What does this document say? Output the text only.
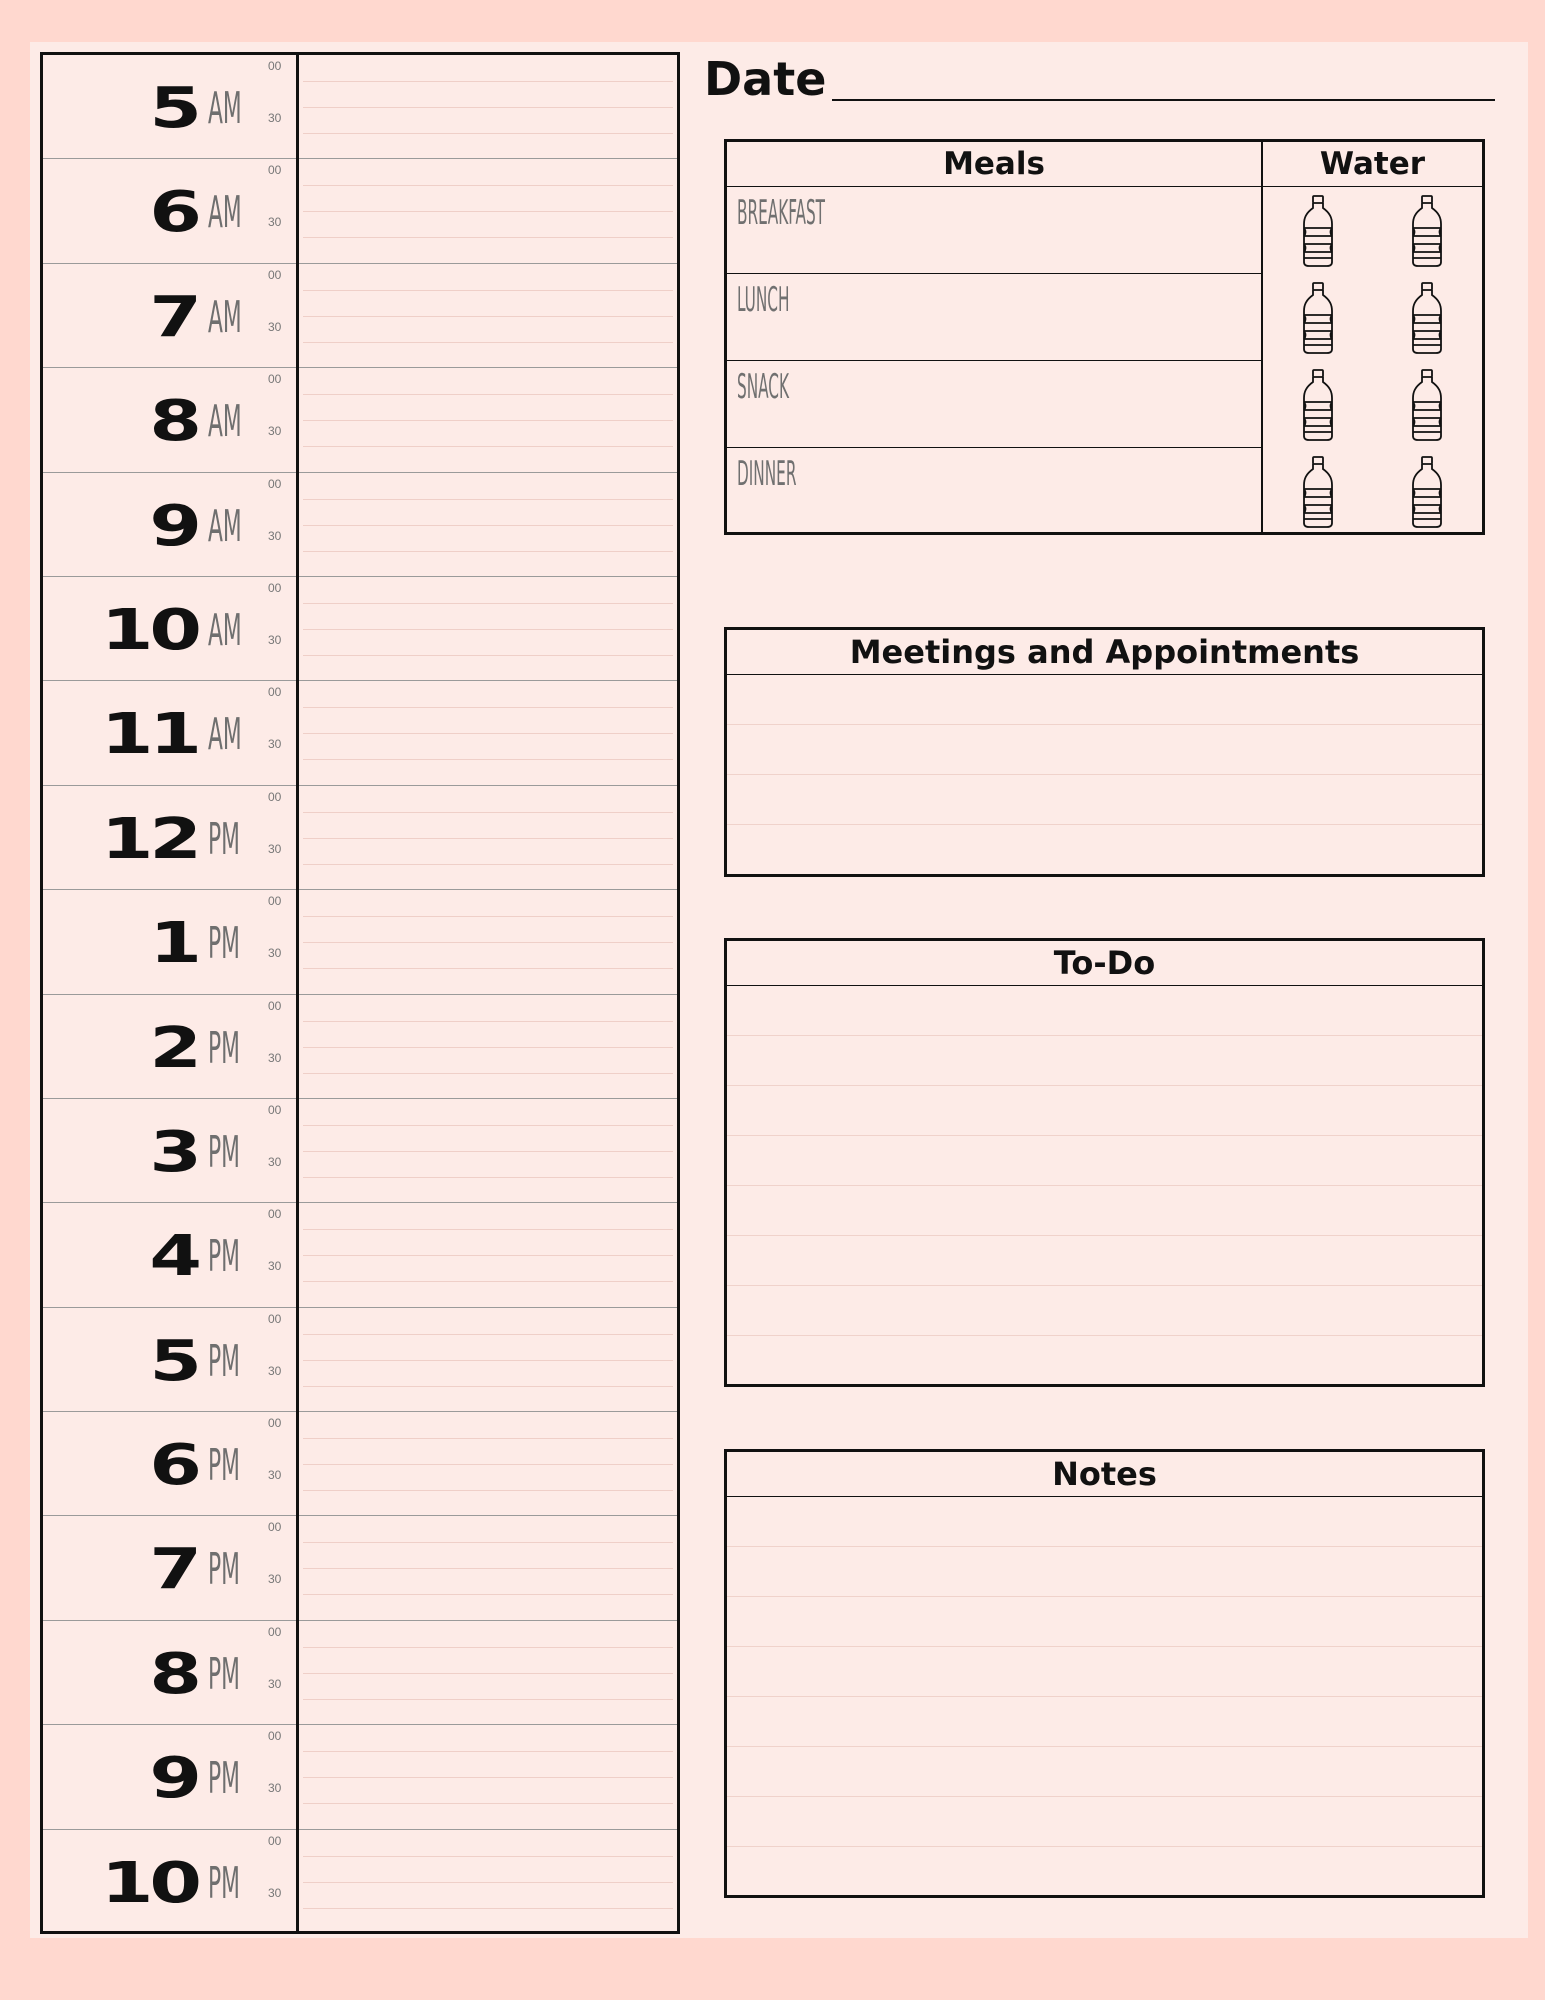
5 AM
00
30
6 AM
00
30
7 AM
00
30
8 AM
00
30
9 AM
00
30
10 AM
00
30
11 AM
00
30
12 PM
00
30
1 PM
00
30
2 PM
00
30
3 PM
00
30
4 PM
00
30
5 PM
00
30
6 PM
00
30
7 PM
00
30
8 PM
00
30
9 PM
00
30
10 PM
00
30
Date
Meals
BREAKFAST
LUNCH
SNACK
DINNER
Water
Meetings and Appointments
To-Do
Notes
